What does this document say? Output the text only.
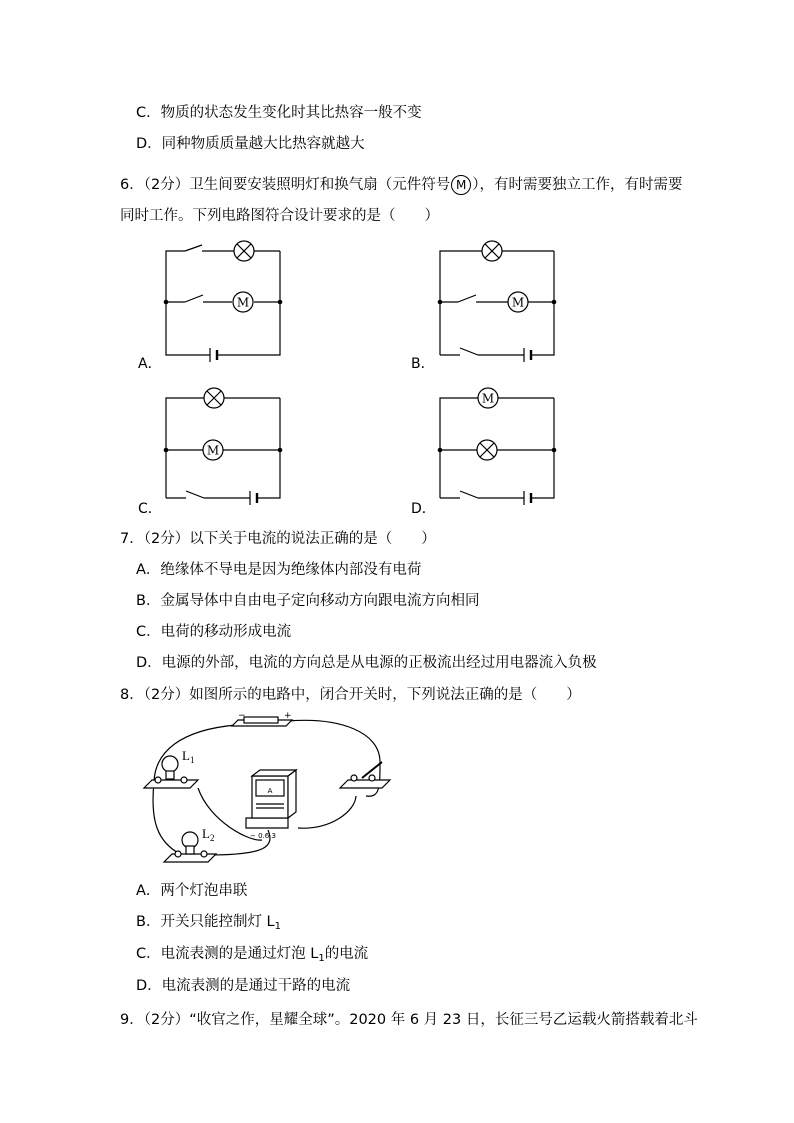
C．物质的状态发生变化时其比热容一般不变
D．同种物质质量越大比热容就越大
6．（2分）卫生间要安装照明灯和换气扇（元件符号 M ），有时需要独立工作，有时需要
同时工作。下列电路图符合设计要求的是（　　）
A．
M
B．
M
C．
M
D．
M
7．（2分）以下关于电流的说法正确的是（　　）
A．绝缘体不导电是因为绝缘体内部没有电荷
B．金属导体中自由电子定向移动方向跟电流方向相同
C．电荷的移动形成电流
D．电源的外部，电流的方向总是从电源的正极流出经过用电器流入负极
8．（2分）如图所示的电路中，闭合开关时，下列说法正确的是（　　）
−	+
$L_1$
A
− 0.6 3
$L_2$
A．两个灯泡串联
B．开关只能控制灯 $L_1$
C．电流表测的是通过灯泡 $L_1$的电流
D．电流表测的是通过干路的电流
9．（2分）“收官之作，星耀全球”。2020 年 6 月 23 日，长征三号乙运载火箭搭载着北斗
